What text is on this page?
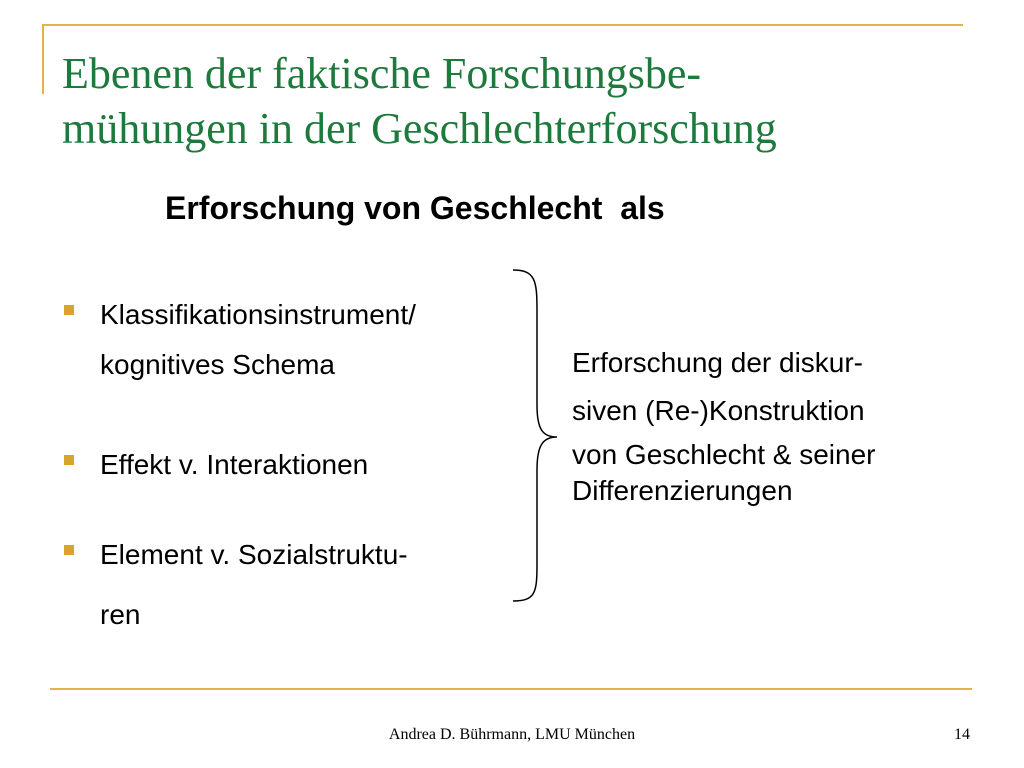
Ebenen der faktische Forschungsbe-
mühungen in der Geschlechterforschung
Erforschung von Geschlecht  als
Klassifikationsinstrument/
kognitives Schema
Effekt v. Interaktionen
Element v. Sozialstruktu-
ren
Erforschung der diskur-
siven (Re-)Konstruktion
von Geschlecht & seiner
Differenzierungen
Andrea D. Bührmann, LMU München	14
